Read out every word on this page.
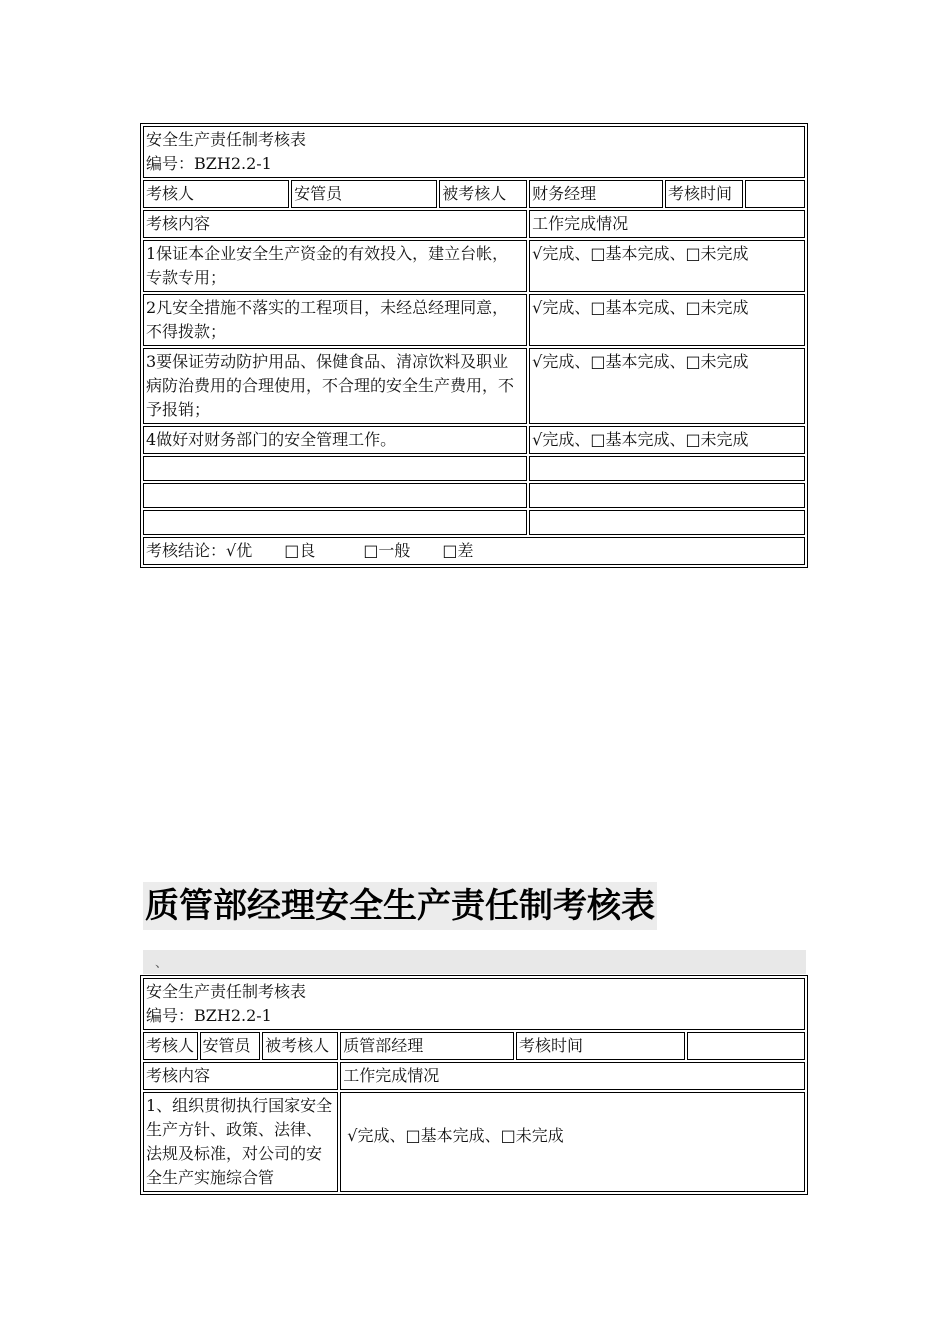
安全生产责任制考核表
编号：BZH2.2-1					

考核人	安管员	被考核人	财务经理	考核时间	
考核内容			工作完成情况		
1保证本企业安全生产资金的有效投入，建立台帐，专款专用；			√完成、□基本完成、□未完成		
2凡安全措施不落实的工程项目，未经总经理同意，不得拨款；			√完成、□基本完成、□未完成		
3要保证劳动防护用品、保健食品、清凉饮料及职业病防治费用的合理使用，不合理的安全生产费用，不予报销；			√完成、□基本完成、□未完成		
4做好对财务部门的安全管理工作。			√完成、□基本完成、□未完成		

考核结论：√优　　□良　　　□一般　　□差					
质管部经理安全生产责任制考核表
、
安全生产责任制考核表
编号：BZH2.2-1					

考核人	安管员	被考核人	质管部经理	考核时间	
考核内容			工作完成情况		
1、组织贯彻执行国家安全生产方针、政策、法律、法规及标准，对公司的安全生产实施综合管			√完成、□基本完成、□未完成		
